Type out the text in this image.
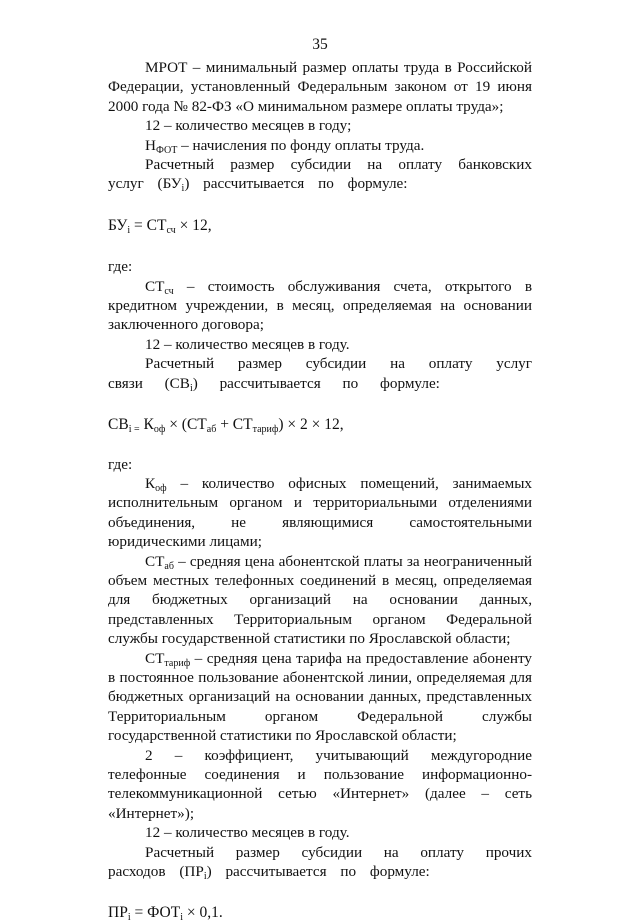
35

МРОТ – минимальный размер оплаты труда в Российской Федерации, установленный Федеральным законом от 19 июня 2000 года № 82-ФЗ «О минимальном размере оплаты труда»;

12 – количество месяцев в году;

$Н_{ФОТ}$ – начисления по фонду оплаты труда.

Расчетный размер субсидии на оплату банковских услуг $(БУ_i)$ рассчитывается по формуле:

$БУ_i = СТ_{сч} \times 12$,

где:

$СТ_{сч}$ – стоимость обслуживания счета, открытого в кредитном учреждении, в месяц, определяемая на основании заключенного договора;

12 – количество месяцев в году.

Расчетный размер субсидии на оплату услуг связи $(СВ_i)$ рассчитывается по формуле:

$СВ_{i =}$ $К_{оф} \times (СТ_{аб} + СТ_{тариф}) \times 2 \times 12$,

где:

$К_{оф}$ – количество офисных помещений, занимаемых исполнительным органом и территориальными отделениями объединения, не являющимися самостоятельными юридическими лицами;

$СТ_{аб}$ – средняя цена абонентской платы за неограниченный объем местных телефонных соединений в месяц, определяемая для бюджетных организаций на основании данных, представленных Территориальным органом Федеральной службы государственной статистики по Ярославской области;

$СТ_{тариф}$ – средняя цена тарифа на предоставление абоненту в постоянное пользование абонентской линии, определяемая для бюджетных организаций на основании данных, представленных Территориальным органом Федеральной службы государственной статистики по Ярославской области;

2 – коэффициент, учитывающий междугородние телефонные соединения и пользование информационно-телекоммуникационной сетью «Интернет» (далее – сеть «Интернет»);

12 – количество месяцев в году.

Расчетный размер субсидии на оплату прочих расходов $(ПР_i)$ рассчитывается по формуле:

$ПР_i = ФОТ_i \times 0,1$.
